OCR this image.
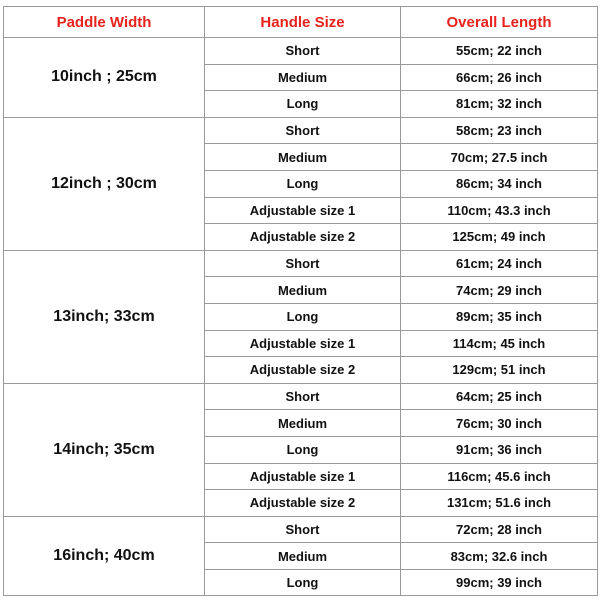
Paddle Width	Handle Size	Overall Length
10inch ; 25cm	Short	55cm; 22 inch
	Medium	66cm; 26 inch
	Long	81cm; 32 inch
12inch ; 30cm	Short	58cm; 23 inch
	Medium	70cm; 27.5 inch
	Long	86cm; 34 inch
	Adjustable size 1	110cm; 43.3 inch
	Adjustable size 2	125cm; 49 inch
13inch; 33cm	Short	61cm; 24 inch
	Medium	74cm; 29 inch
	Long	89cm; 35 inch
	Adjustable size 1	114cm; 45 inch
	Adjustable size 2	129cm; 51 inch
14inch; 35cm	Short	64cm; 25 inch
	Medium	76cm; 30 inch
	Long	91cm; 36 inch
	Adjustable size 1	116cm; 45.6 inch
	Adjustable size 2	131cm; 51.6 inch
16inch; 40cm	Short	72cm; 28 inch
	Medium	83cm; 32.6 inch
	Long	99cm; 39 inch
